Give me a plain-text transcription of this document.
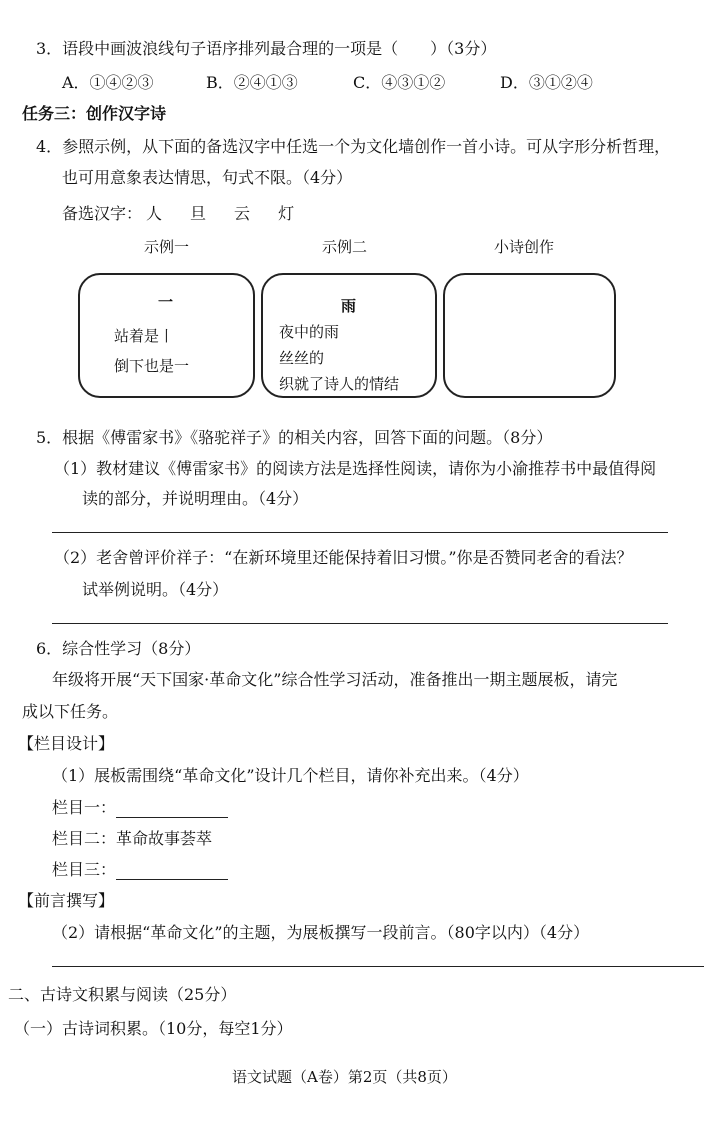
3．语段中画波浪线句子语序排列最合理的一项是（　　）（3分）
A．①④②③	B．②④①③	C．④③①②	D．③①②④
任务三：创作汉字诗
4．参照示例，从下面的备选汉字中任选一个为文化墙创作一首小诗。可从字形分析哲理，
也可用意象表达情思，句式不限。（4分）
备选汉字： 人 旦 云 灯
示例一	示例二	小诗创作
一
站着是丨
倒下也是一
雨
夜中的雨
丝丝的
织就了诗人的情结
5．根据《傅雷家书》《骆驼祥子》的相关内容，回答下面的问题。（8分）
（1）教材建议《傅雷家书》的阅读方法是选择性阅读，请你为小渝推荐书中最值得阅
读的部分，并说明理由。（4分）
（2）老舍曾评价祥子：“在新环境里还能保持着旧习惯。”你是否赞同老舍的看法？
试举例说明。（4分）
6．综合性学习（8分）
年级将开展“天下国家·革命文化”综合性学习活动，准备推出一期主题展板，请完
成以下任务。
【栏目设计】
（1）展板需围绕“革命文化”设计几个栏目，请你补充出来。（4分）
栏目一：
栏目二：革命故事荟萃
栏目三：
【前言撰写】
（2）请根据“革命文化”的主题，为展板撰写一段前言。（80字以内）（4分）
二、古诗文积累与阅读（25分）
（一）古诗词积累。（10分，每空1分）
语文试题（A卷）第2页（共8页）
